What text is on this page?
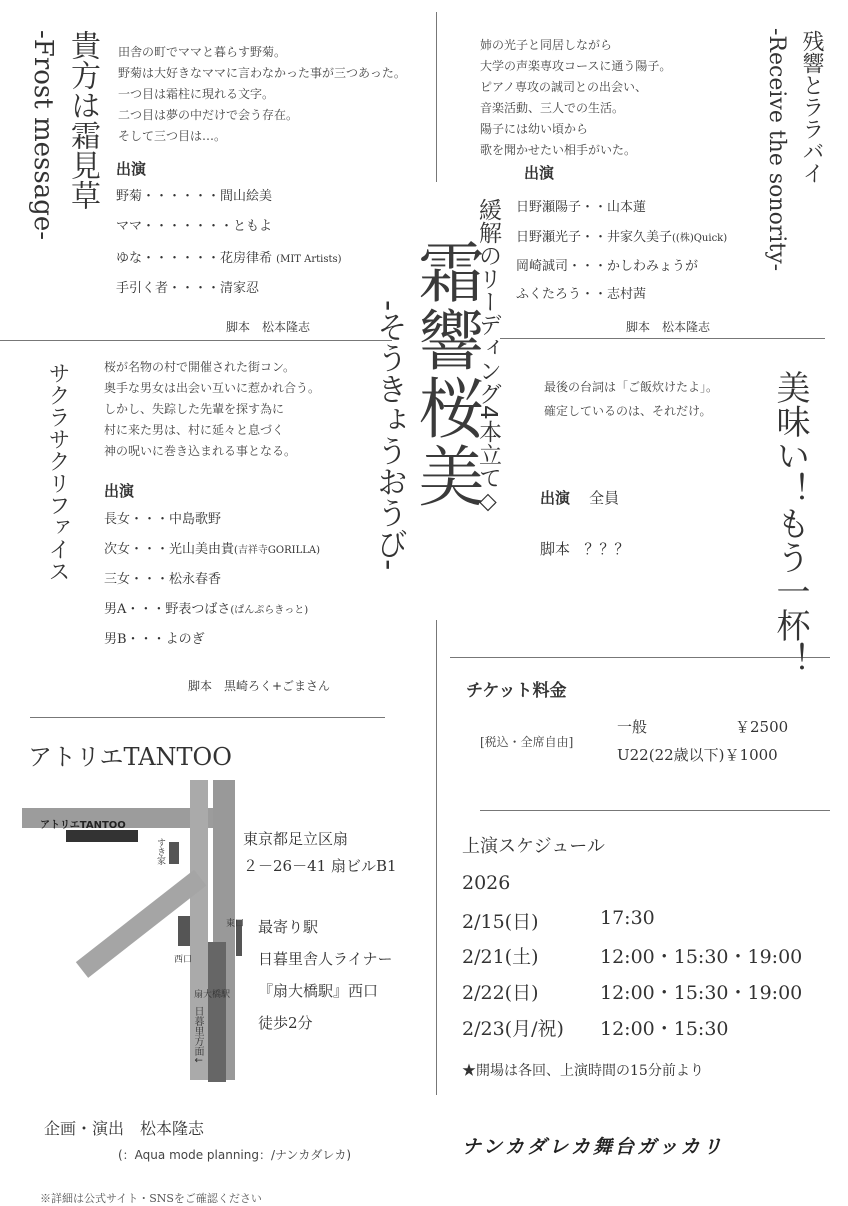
貴方は霜見草
-Frost message-	田舎の町でママと暮らす野菊。
野菊は大好きなママに言わなかった事が三つあった。
一つ目は霜柱に現れる文字。
二つ目は夢の中だけで会う存在。
そして三つ目は…。
出演
野菊・・・・・・間山絵美
ママ・・・・・・・ともよ
ゆな・・・・・・花房律希 (MIT Artists)
手引く者・・・・清家忍
脚本　松本隆志
残響とララバイ
-Receive the sonority-
姉の光子と同居しながら
大学の声楽専攻コースに通う陽子。
ピアノ専攻の誠司との出会い、
音楽活動、三人での生活。
陽子には幼い頃から
歌を聞かせたい相手がいた。
出演
日野瀬陽子・・山本蓮
日野瀬光子・・井家久美子((株)Quick)
岡崎誠司・・・かしわみょうが
ふくたろう・・志村茜
脚本　松本隆志
緩解のリーディング4本立て◇
霜響桜美
-そうきょうおうび-
サクラサクリファイス	桜が名物の村で開催された街コン。
奥手な男女は出会い互いに惹かれ合う。
しかし、失踪した先輩を探す為に
村に来た男は、村に延々と息づく
神の呪いに巻き込まれる事となる。
出演
長女・・・中島歌野
次女・・・光山美由貴(吉祥寺GORILLA)
三女・・・松永春香
男A・・・野表つばさ(ぱんぷらきっと)
男B・・・よのぎ
脚本　黒崎ろく+ごまさん
美味い！もう一杯！
最後の台詞は「ご飯炊けたよ」。
確定しているのは、それだけ。
出演 全員
脚本 ？？？
チケット料金
[税込・全席自由]
一般	￥2500
U22(22歳以下)￥1000
アトリエTANTOO
アトリエTANTOO
すき家
東口
西口
扇大橋駅
日暮里方面↓
東京都足立区扇
２－26－41 扇ビルB1
最寄り駅
日暮里舎人ライナー
『扇大橋駅』西口
徒歩2分
上演スケジュール
2026
2/15(日)	17:30
2/21(土)	12:00・15:30・19:00
2/22(日)	12:00・15:30・19:00
2/23(月/祝) 12:00・15:30
★開場は各回、上演時間の15分前より
企画・演出　松本隆志
(：Aqua mode planning：/ナンカダレカ)	ナンカダレカ舞台ガッカリ
※詳細は公式サイト・SNSをご確認ください
